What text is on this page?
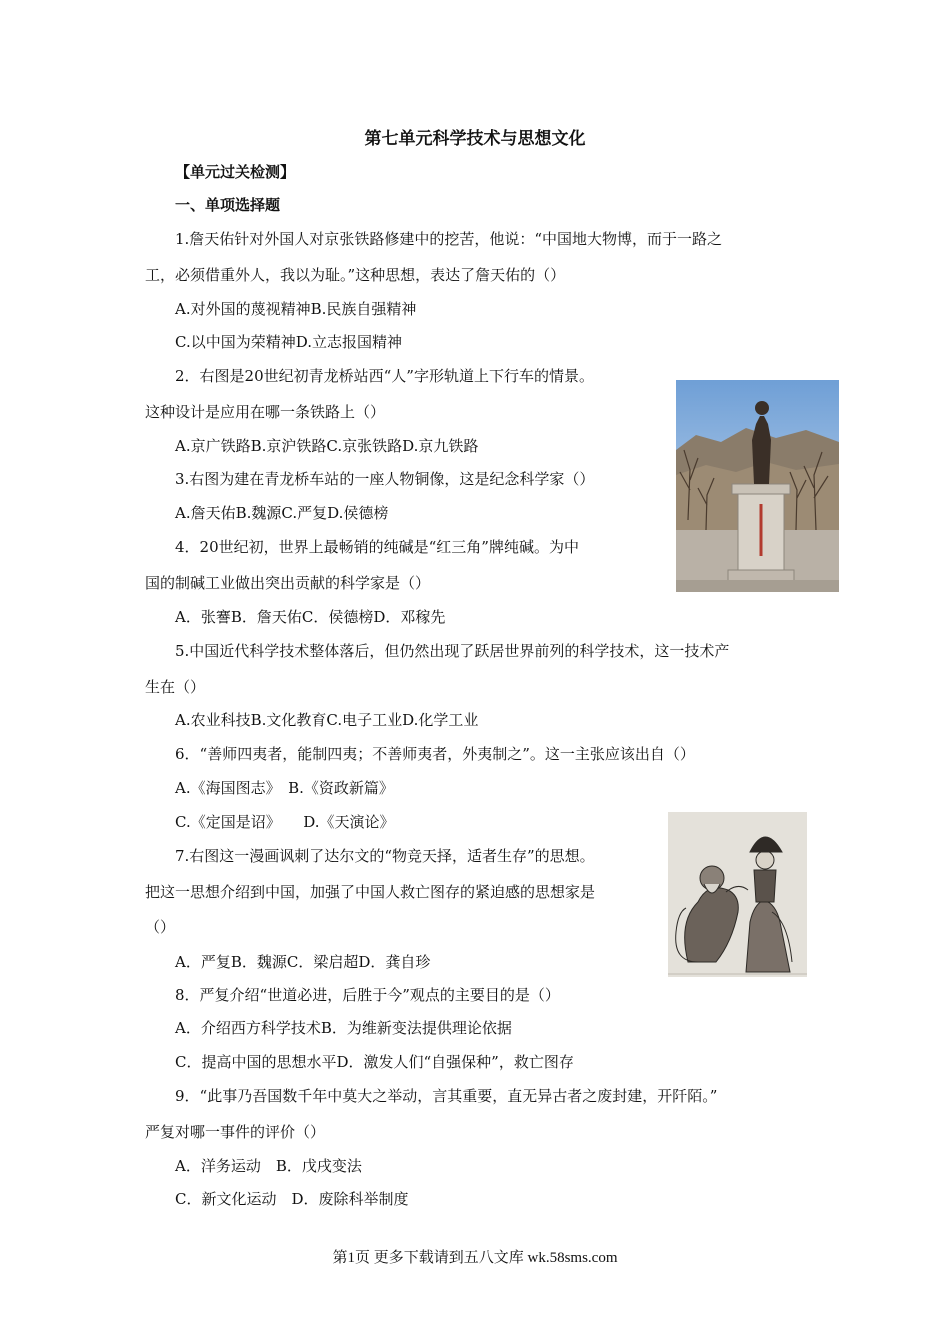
第七单元科学技术与思想文化
【单元过关检测】
一、单项选择题
1.詹天佑针对外国人对京张铁路修建中的挖苦，他说：“中国地大物博，而于一路之
工，必须借重外人，我以为耻。”这种思想，表达了詹天佑的（）
A.对外国的蔑视精神B.民族自强精神
C.以中国为荣精神D.立志报国精神
2．右图是20世纪初青龙桥站西“人”字形轨道上下行车的情景。
这种设计是应用在哪一条铁路上（）
A.京广铁路B.京沪铁路C.京张铁路D.京九铁路
3.右图为建在青龙桥车站的一座人物铜像，这是纪念科学家（）
A.詹天佑B.魏源C.严复D.侯德榜
4．20世纪初，世界上最畅销的纯碱是“红三角”牌纯碱。为中
国的制碱工业做出突出贡献的科学家是（）
A．张謇B．詹天佑C．侯德榜D．邓稼先
5.中国近代科学技术整体落后，但仍然出现了跃居世界前列的科学技术，这一技术产
生在（）
A.农业科技B.文化教育C.电子工业D.化学工业
6．“善师四夷者，能制四夷；不善师夷者，外夷制之”。这一主张应该出自（）
A.《海国图志》　B.《资政新篇》
C.《定国是诏》　　D.《天演论》
7.右图这一漫画讽刺了达尔文的“物竞天择，适者生存”的思想。
把这一思想介绍到中国，加强了中国人救亡图存的紧迫感的思想家是
（）
A．严复B．魏源C．梁启超D．龚自珍
8．严复介绍“世道必进，后胜于今”观点的主要目的是（）
A．介绍西方科学技术B．为维新变法提供理论依据
C．提高中国的思想水平D．激发人们“自强保种”，救亡图存
9．“此事乃吾国数千年中莫大之举动，言其重要，直无异古者之废封建，开阡陌。”
严复对哪一事件的评价（）
A．洋务运动　B．戊戌变法
C．新文化运动　D．废除科举制度
第1页 更多下载请到五八文库 wk.58sms.com
